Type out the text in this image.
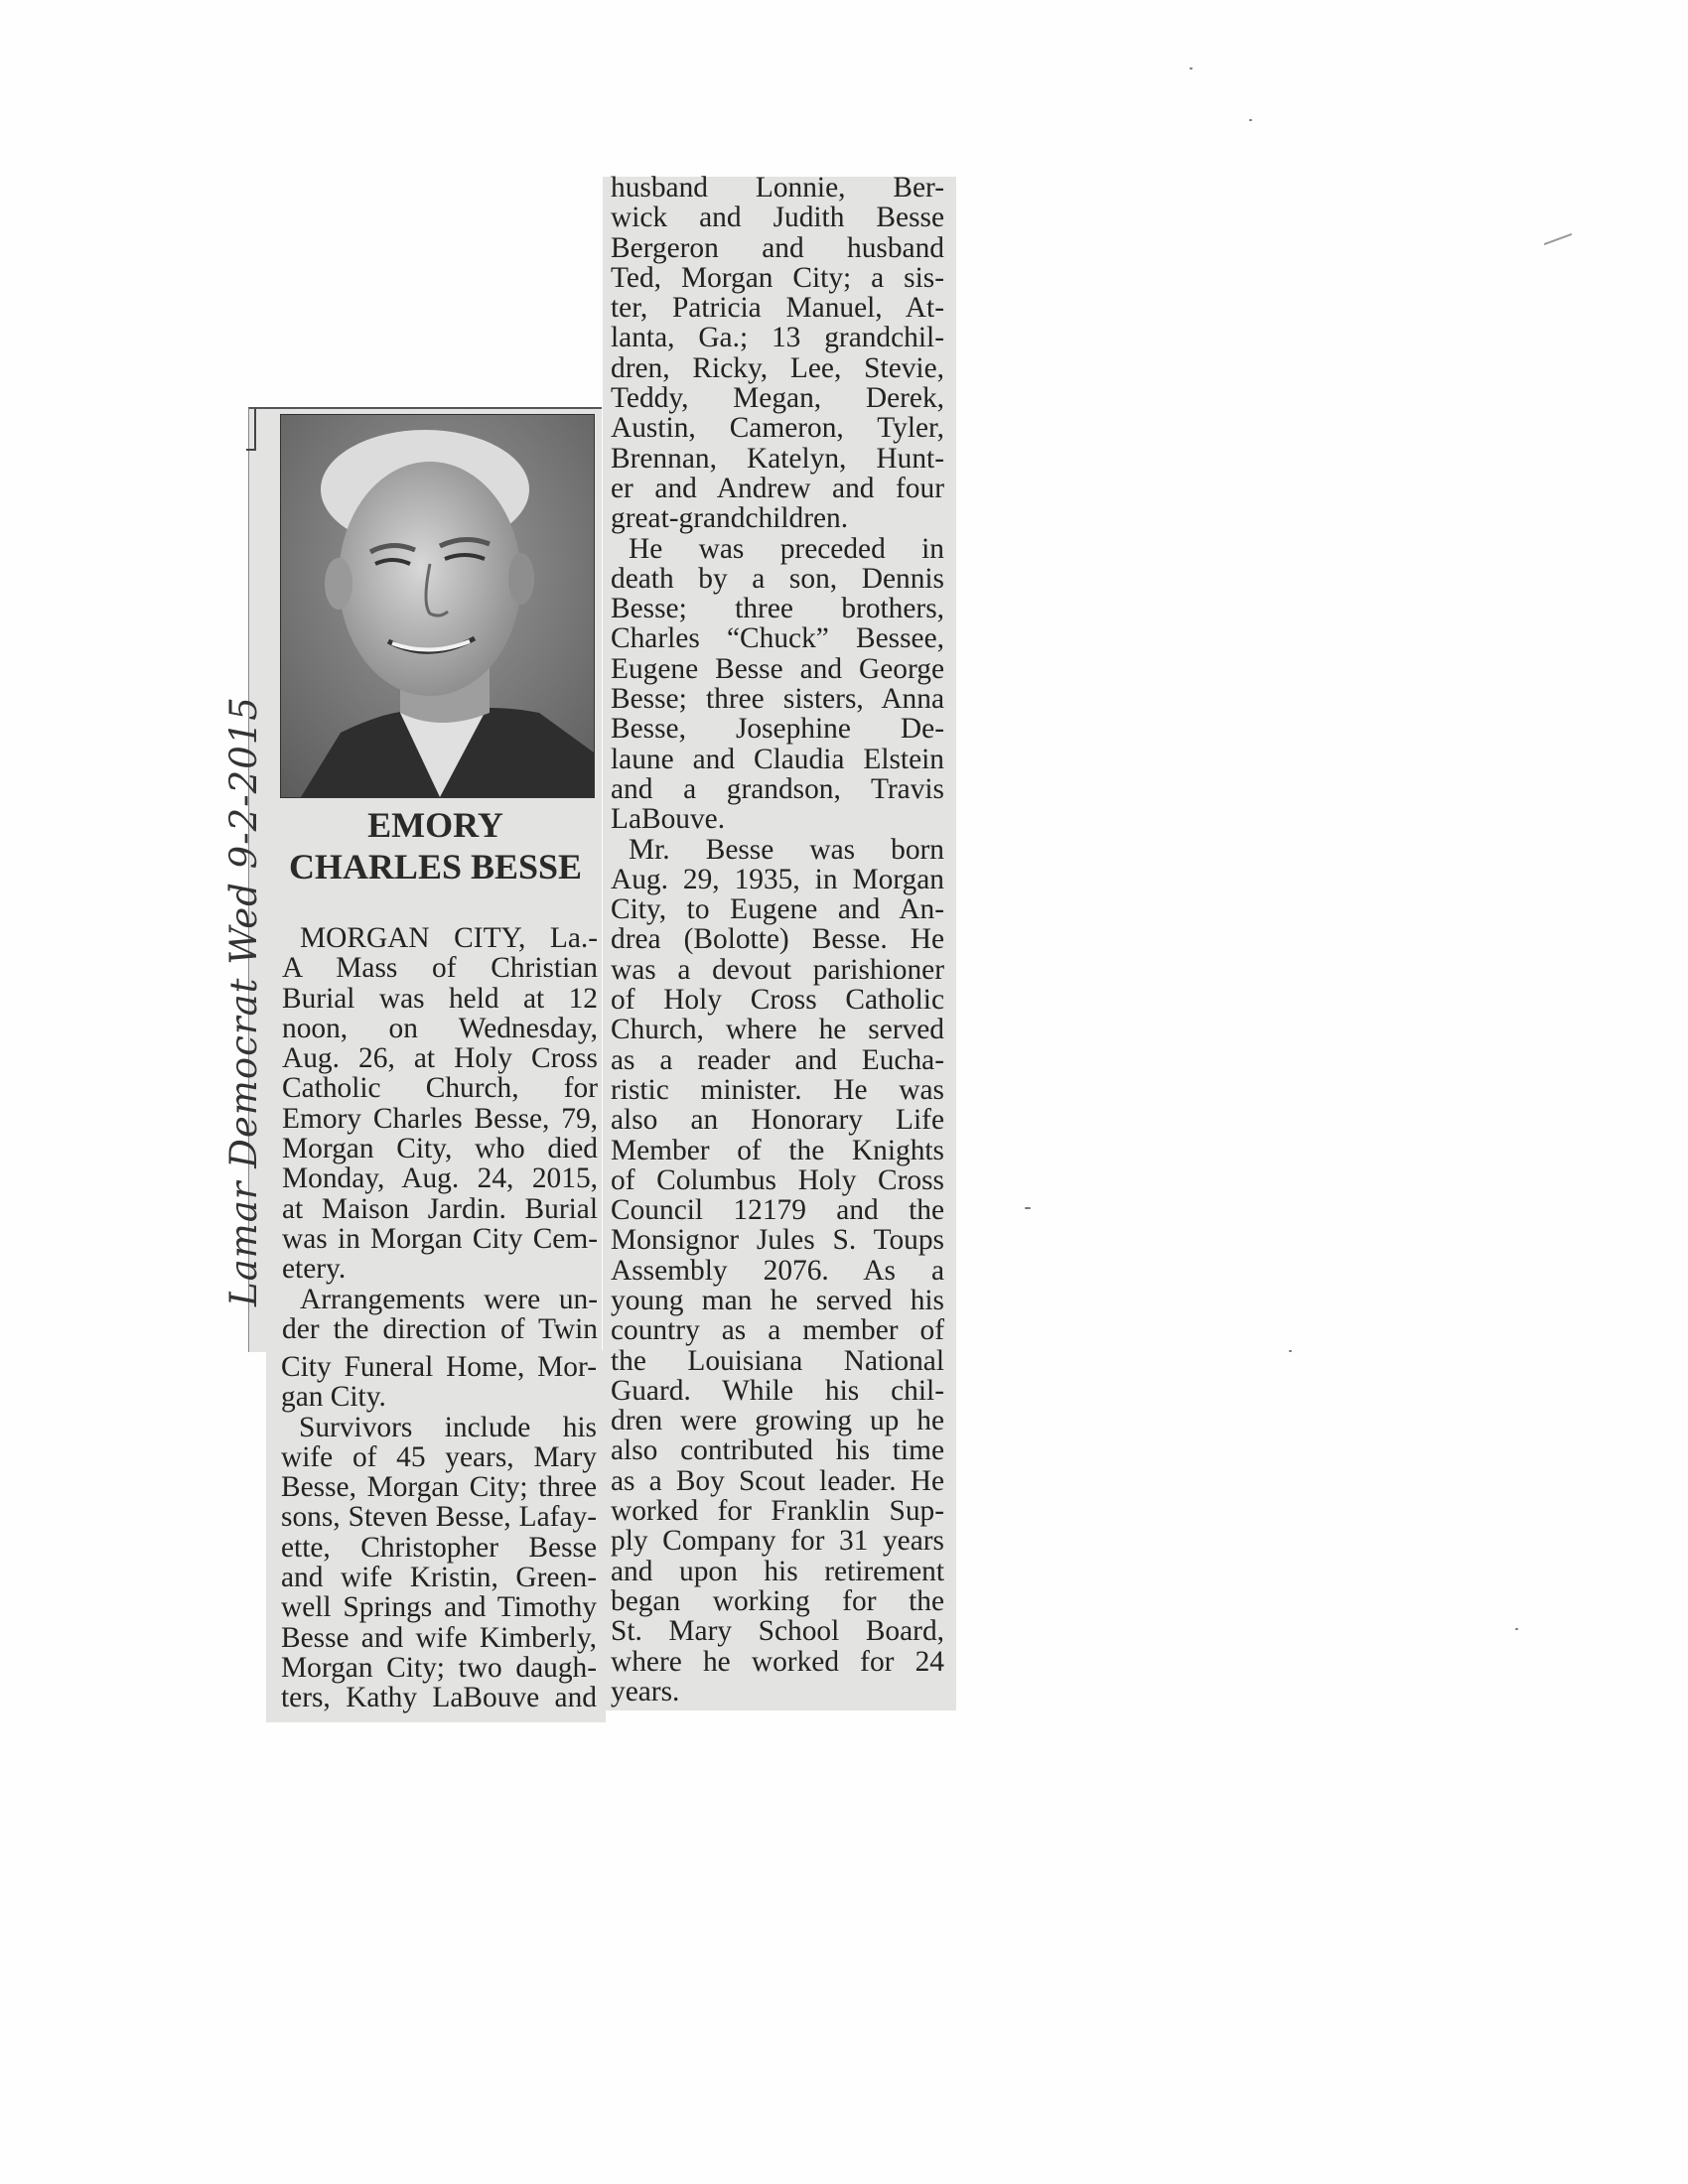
EMORY
CHARLES BESSE
MORGAN CITY, La.-
A Mass of Christian
Burial was held at 12
noon, on Wednesday,
Aug. 26, at Holy Cross
Catholic Church, for
Emory Charles Besse, 79,
Morgan City, who died
Monday, Aug. 24, 2015,
at Maison Jardin. Burial
was in Morgan City Cem-
etery.
Arrangements were un-
der the direction of Twin
City Funeral Home, Mor-
gan City.
Survivors include his
wife of 45 years, Mary
Besse, Morgan City; three
sons, Steven Besse, Lafay-
ette, Christopher Besse
and wife Kristin, Green-
well Springs and Timothy
Besse and wife Kimberly,
Morgan City; two daugh-
ters, Kathy LaBouve and
husband Lonnie, Ber-
wick and Judith Besse
Bergeron and husband
Ted, Morgan City; a sis-
ter, Patricia Manuel, At-
lanta, Ga.; 13 grandchil-
dren, Ricky, Lee, Stevie,
Teddy, Megan, Derek,
Austin, Cameron, Tyler,
Brennan, Katelyn, Hunt-
er and Andrew and four
great-grandchildren.
He was preceded in
death by a son, Dennis
Besse; three brothers,
Charles “Chuck” Bessee,
Eugene Besse and George
Besse; three sisters, Anna
Besse, Josephine De-
laune and Claudia Elstein
and a grandson, Travis
LaBouve.
Mr. Besse was born
Aug. 29, 1935, in Morgan
City, to Eugene and An-
drea (Bolotte) Besse. He
was a devout parishioner
of Holy Cross Catholic
Church, where he served
as a reader and Eucha-
ristic minister. He was
also an Honorary Life
Member of the Knights
of Columbus Holy Cross
Council 12179 and the
Monsignor Jules S. Toups
Assembly 2076. As a
young man he served his
country as a member of
the Louisiana National
Guard. While his chil-
dren were growing up he
also contributed his time
as a Boy Scout leader. He
worked for Franklin Sup-
ply Company for 31 years
and upon his retirement
began working for the
St. Mary School Board,
where he worked for 24
years.
Lamar Democrat Wed 9-2-2015
